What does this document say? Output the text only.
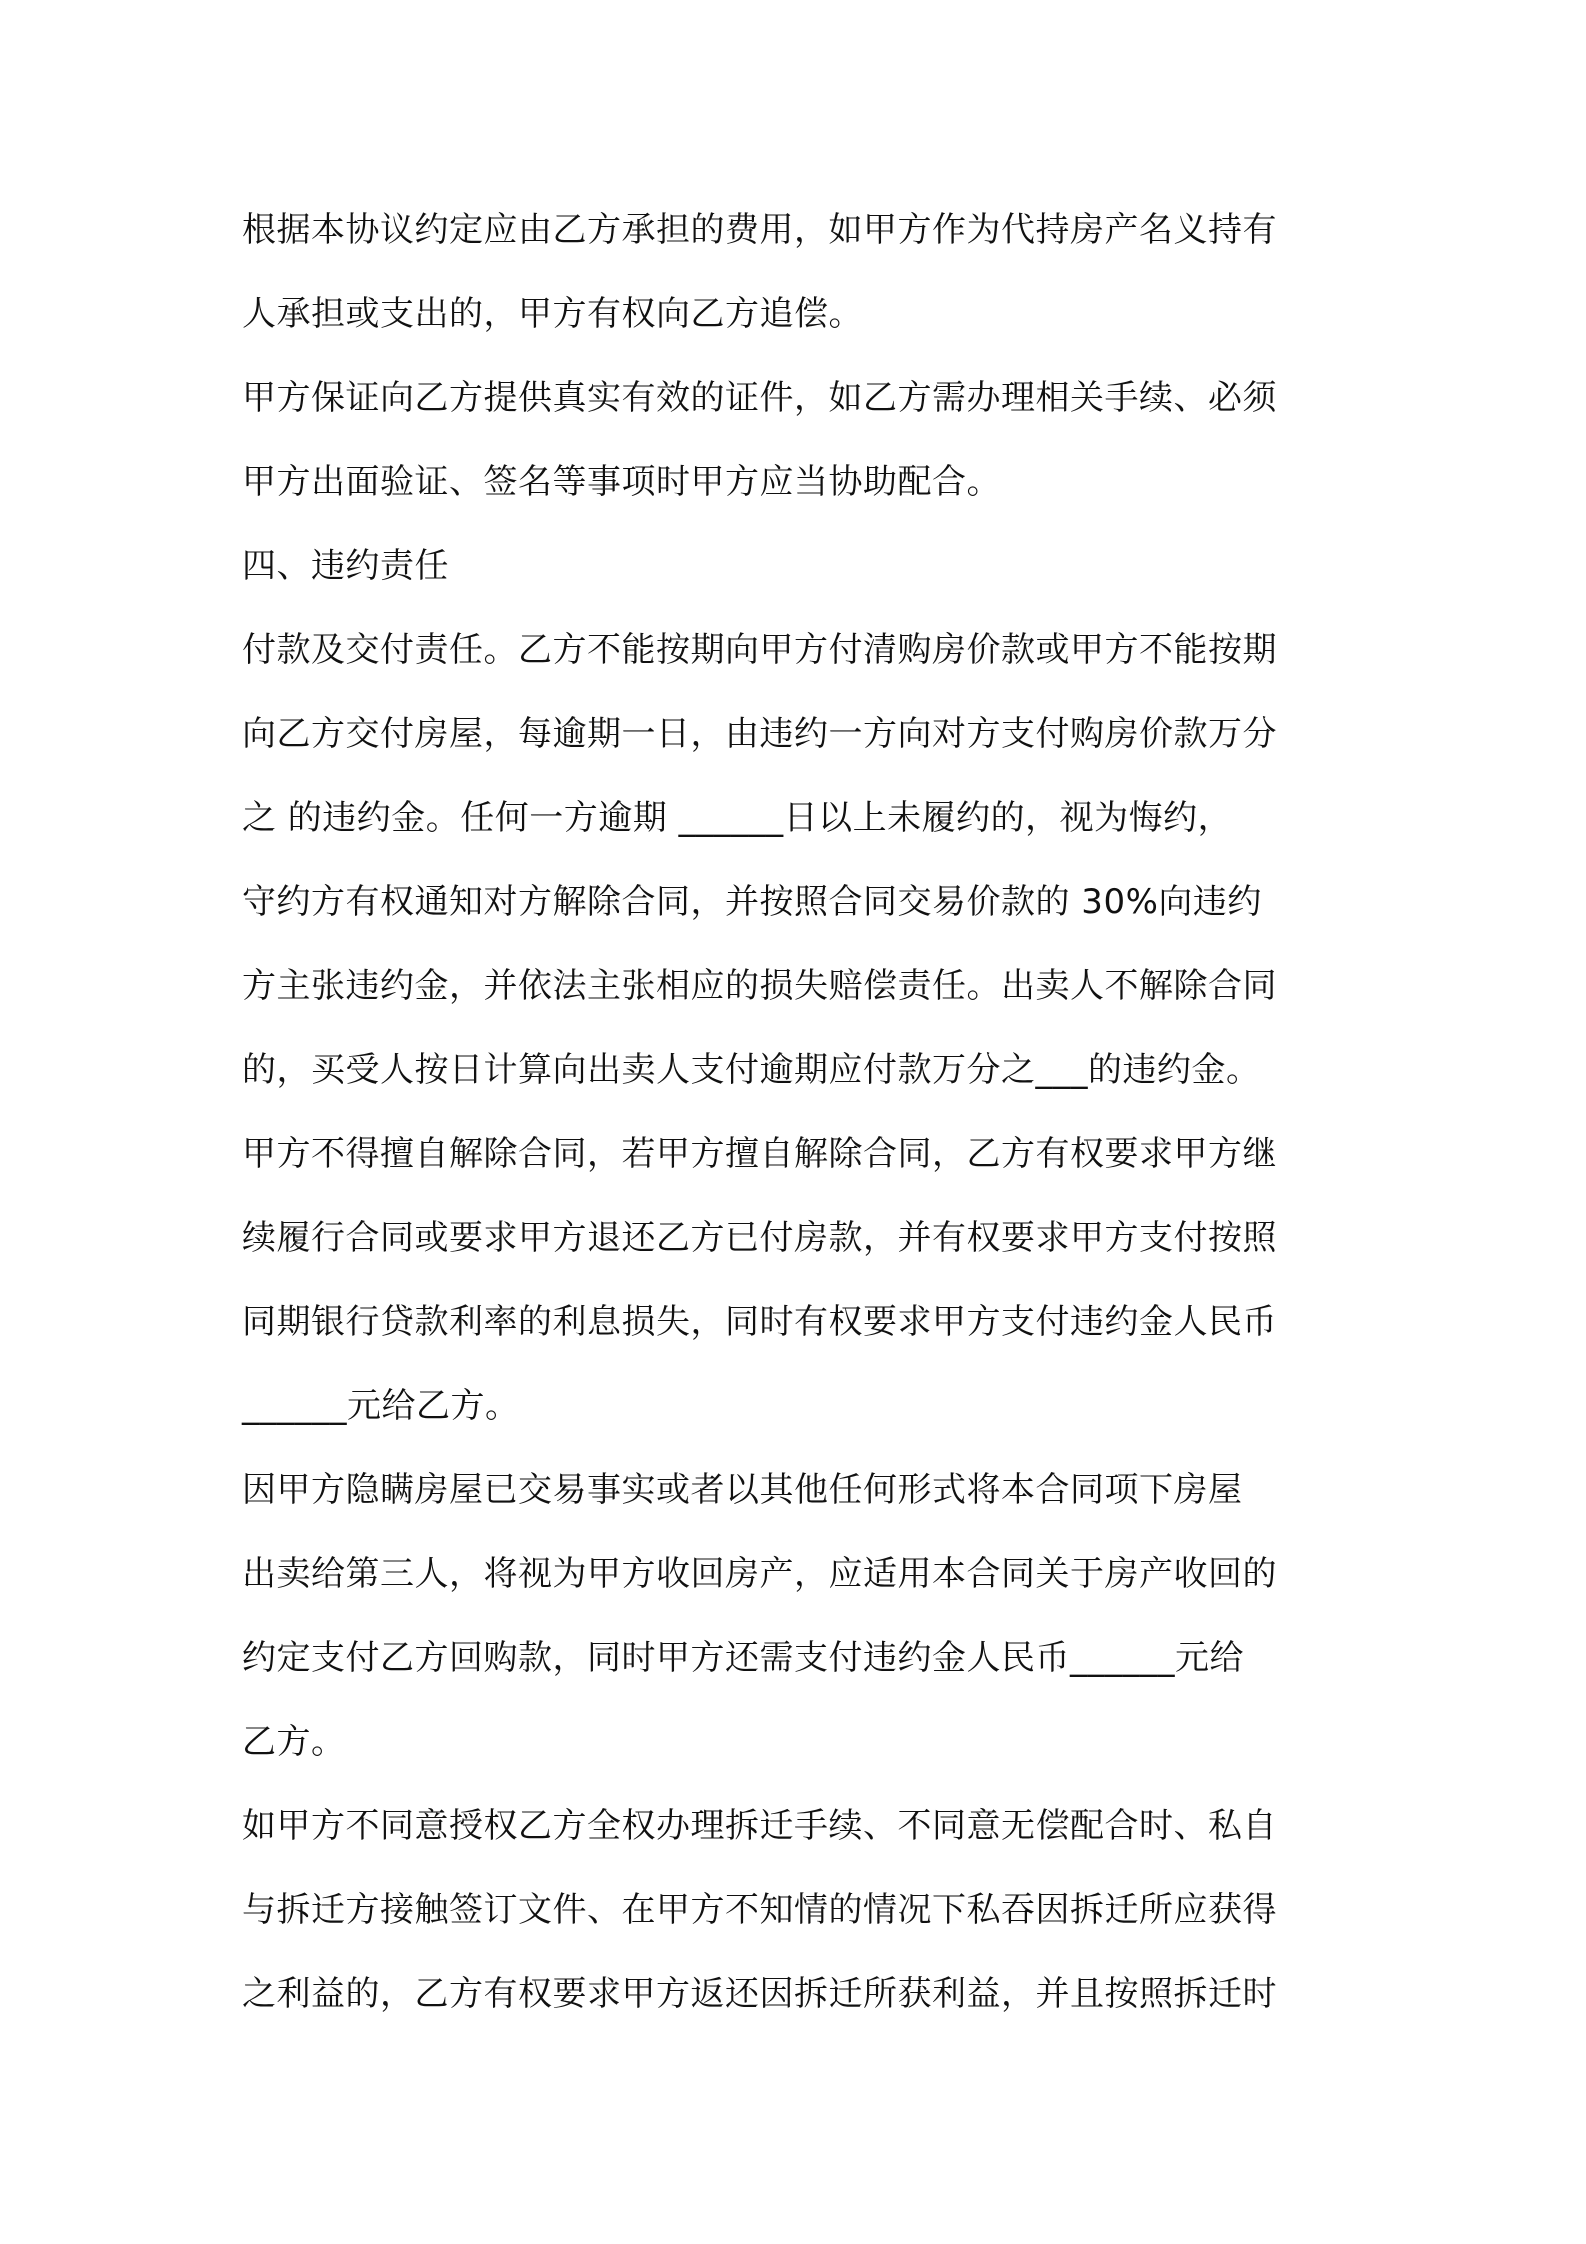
根据本协议约定应由乙方承担的费用，如甲方作为代持房产名义持有
人承担或支出的，甲方有权向乙方追偿。
甲方保证向乙方提供真实有效的证件，如乙方需办理相关手续、必须
甲方出面验证、签名等事项时甲方应当协助配合。
四、违约责任
付款及交付责任。乙方不能按期向甲方付清购房价款或甲方不能按期
向乙方交付房屋，每逾期一日，由违约一方向对方支付购房价款万分
之 的违约金。任何一方逾期 ______日以上未履约的，视为悔约，
守约方有权通知对方解除合同，并按照合同交易价款的 30%向违约
方主张违约金，并依法主张相应的损失赔偿责任。出卖人不解除合同
的，买受人按日计算向出卖人支付逾期应付款万分之___的违约金。
甲方不得擅自解除合同，若甲方擅自解除合同，乙方有权要求甲方继
续履行合同或要求甲方退还乙方已付房款，并有权要求甲方支付按照
同期银行贷款利率的利息损失，同时有权要求甲方支付违约金人民币
______元给乙方。
因甲方隐瞒房屋已交易事实或者以其他任何形式将本合同项下房屋
出卖给第三人，将视为甲方收回房产，应适用本合同关于房产收回的
约定支付乙方回购款，同时甲方还需支付违约金人民币______元给
乙方。
如甲方不同意授权乙方全权办理拆迁手续、不同意无偿配合时、私自
与拆迁方接触签订文件、在甲方不知情的情况下私吞因拆迁所应获得
之利益的，乙方有权要求甲方返还因拆迁所获利益，并且按照拆迁时
